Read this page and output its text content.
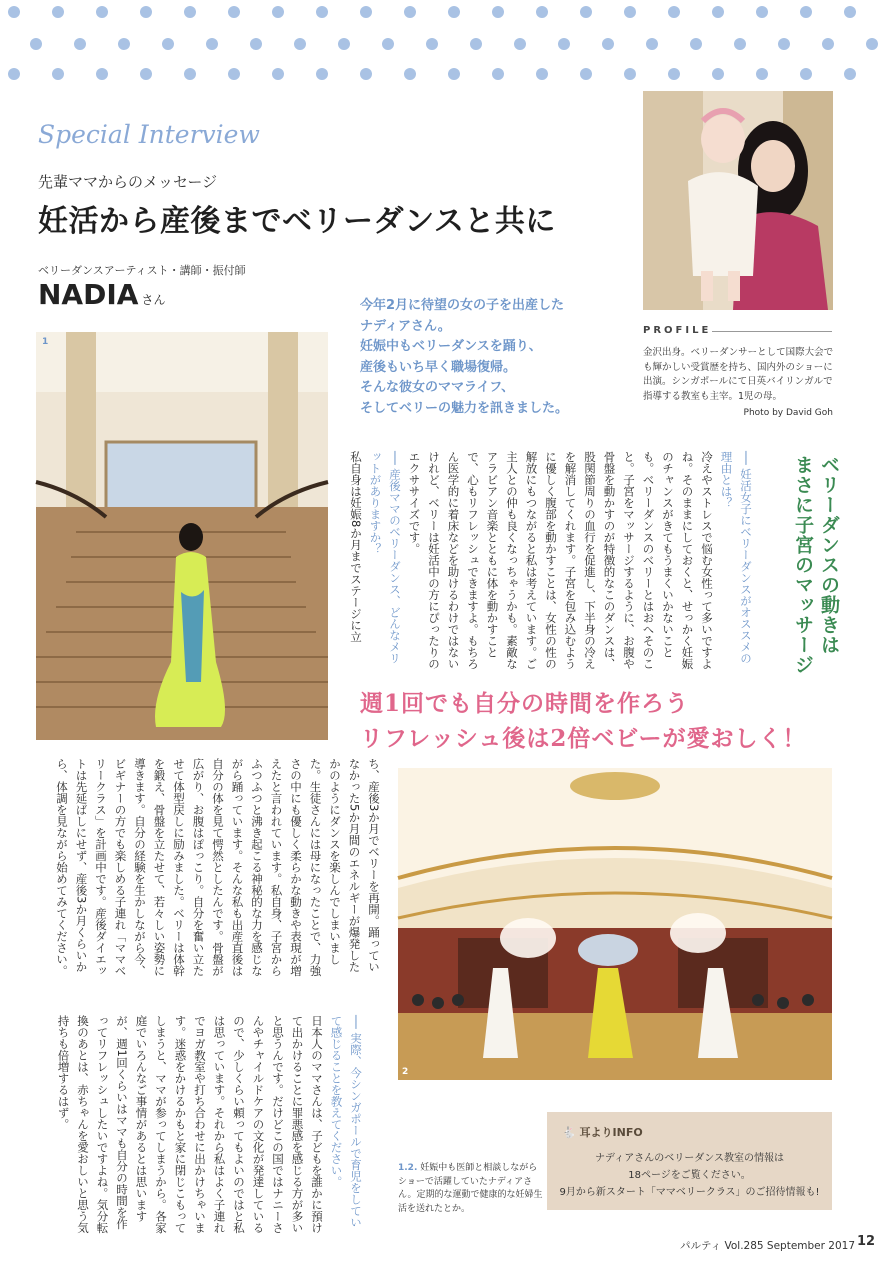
Special Interview
先輩ママからのメッセージ
妊活から産後までベリーダンスと共に
ベリーダンスアーティスト・講師・振付師
NADIA さん	今年2月に待望の女の子を出産した
ナディアさん。
妊娠中もベリーダンスを踊り、
産後もいち早く職場復帰。
そんな彼女のママライフ、
そしてベリーの魅力を訊きました。
PROFILE
金沢出身。ベリーダンサーとして国際大会でも輝かしい受賞歴を持ち、国内外のショーに出演。シンガポールにて日英バイリンガルで指導する教室も主宰。1児の母。
Photo by David Goh
1
ベリーダンスの動きは
まさに子宮のマッサージ

── 妊活女子にベリーダンスがオススメの理由とは？

冷えやストレスで悩む女性って多いですよね。そのままにしておくと、せっかく妊娠のチャンスがきてもうまくいかないことも。ベリーダンスのベリーとはおへそのこと。子宮をマッサージするように、お腹や骨盤を動かすのが特徴的なこのダンスは、股関節周りの血行を促進し、下半身の冷えを解消してくれます。子宮を包み込むように優しく腹部を動かすことは、女性の性の解放にもつながると私は考えています。ご主人との仲も良くなっちゃうかも。素敵なアラビアン音楽とともに体を動かすことで、心もリフレッシュできますよ。もちろん医学的に着床などを助けるわけではないけれど、ベリーは妊活中の方にぴったりのエクササイズです。

── 産後ママのベリーダンス、どんなメリットがありますか？

私自身は妊娠8か月までステージに立

週1回でも自分の時間を作ろう
リフレッシュ後は2倍ベビーが愛おしく！

ち、産後3か月でベリーを再開。踊っていなかった5か月間のエネルギーが爆発したかのようにダンスを楽しんでしまいました。生徒さんには母になったことで、力強さの中にも優しく柔らかな動きや表現が増えたと言われています。私自身、子宮からふつふつと沸き起こる神秘的な力を感じながら踊っています。そんな私も出産直後は自分の体を見て愕然としたんです。骨盤が広がり、お腹はぽっこり。自分を奮い立たせて体型戻しに励みました。ベリーは体幹を鍛え、骨盤を立たせて、若々しい姿勢に導きます。自分の経験を生かしながら今、ビギナーの方でも楽しめる子連れ「ママベリークラス」を計画中です。産後ダイエットは先延ばしにせず、産後3か月くらいから、体調を見ながら始めてみてください。

2

── 実際、今シンガポールで育児をしていて感じることを教えてください。

日本人のママさんは、子どもを誰かに預けて出かけることに罪悪感を感じる方が多いと思うんです。だけどこの国ではナニーさんやチャイルドケアの文化が発達しているので、少しくらい頼ってもよいのではと私は思っています。それから私はよく子連れでヨガ教室や打ち合わせに出かけちゃいます。迷惑をかけるかもと家に閉じこもってしまうと、ママが参ってしまうから。各家庭でいろんなご事情があるとは思いますが、週1回くらいはママも自分の時間を作ってリフレッシュしたいですよね。気分転換のあとは、赤ちゃんを愛おしいと思う気持ちも倍増するはず。

1.2. 妊娠中も医師と相談しながらショーで活躍していたナディアさん。定期的な運動で健康的な妊婦生活を送れたとか。
🐇 耳よりINFO
ナディアさんのベリーダンス教室の情報は
18ページをご覧ください。
9月から新スタート「ママベリークラス」のご招待情報も!
パルティ Vol.285 September 2017 12
